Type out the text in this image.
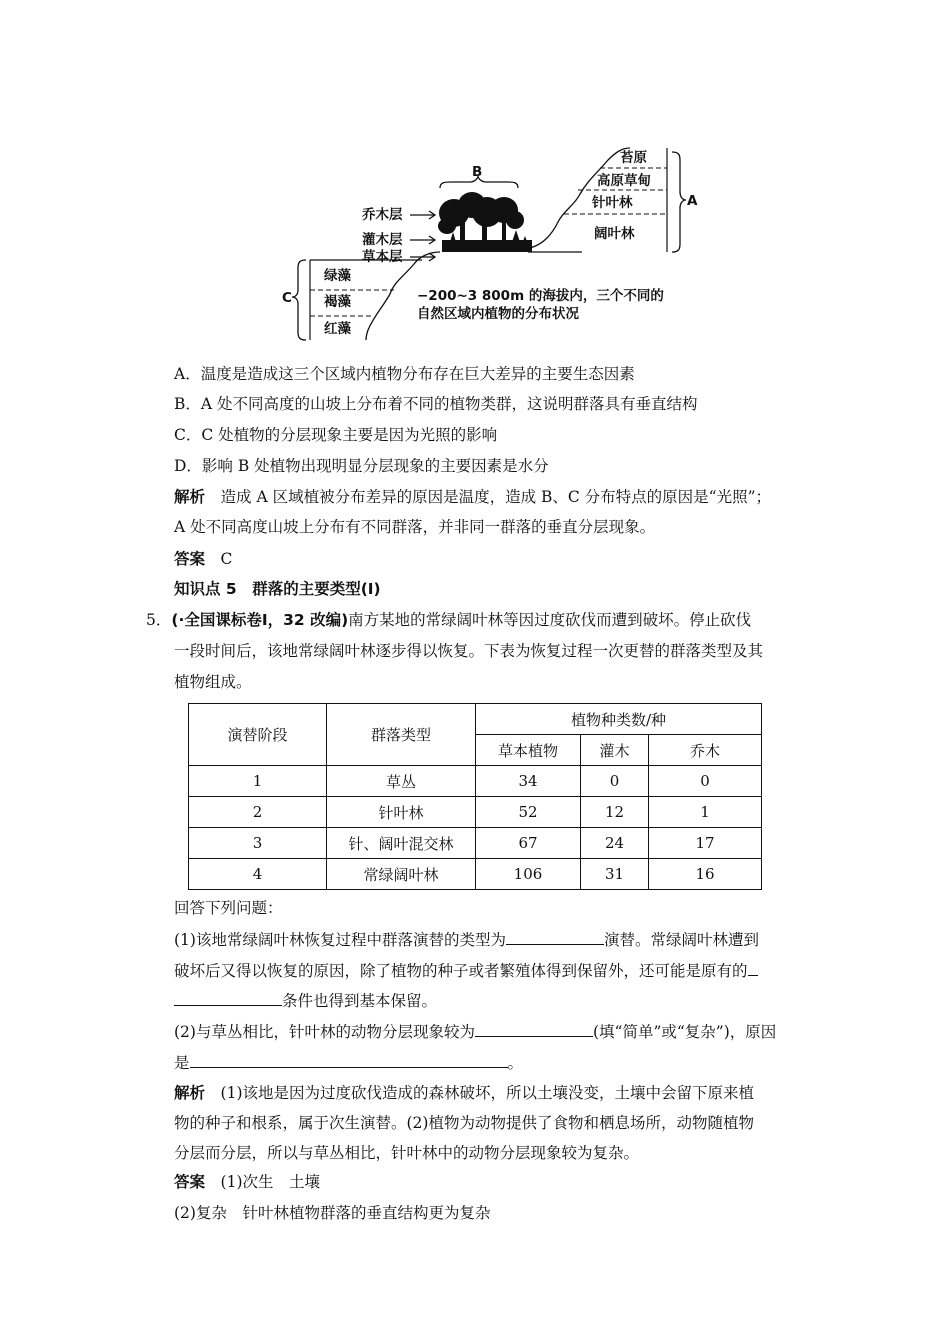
B
乔木层
灌木层
草本层
苔原
高原草甸
针叶林
阔叶林
A
绿藻
褐藻
红藻
C	−200~3 800m 的海拔内，三个不同的
自然区域内植物的分布状况
A．温度是造成这三个区域内植物分布存在巨大差异的主要生态因素
B．A 处不同高度的山坡上分布着不同的植物类群，这说明群落具有垂直结构
C．C 处植物的分层现象主要是因为光照的影响
D．影响 B 处植物出现明显分层现象的主要因素是水分
解析　 造成 A 区域植被分布差异的原因是温度，造成 B、C 分布特点的原因是“光照”；
A 处不同高度山坡上分布有不同群落，并非同一群落的垂直分层现象。
答案　 C
知识点 5　 群落的主要类型(Ⅰ)
5．(·全国课标卷Ⅰ，32 改编)南方某地的常绿阔叶林等因过度砍伐而遭到破坏。停止砍伐
一段时间后，该地常绿阔叶林逐步得以恢复。下表为恢复过程一次更替的群落类型及其
植物组成。
演替阶段	群落类型	植物种类数/种		
		草本植物	灌木	乔木
1	草丛	34	0	0
2	针叶林	52	12	1
3	针、阔叶混交林	67	24	17
4	常绿阔叶林	106	31	16
回答下列问题：
(1)该地常绿阔叶林恢复过程中群落演替的类型为	演替。常绿阔叶林遭到
破坏后又得以恢复的原因，除了植物的种子或者繁殖体得到保留外，还可能是原有的
条件也得到基本保留。
(2)与草丛相比，针叶林的动物分层现象较为	(填“简单”或“复杂”)，原因
是	。
解析　 (1)该地是因为过度砍伐造成的森林破坏，所以土壤没变，土壤中会留下原来植
物的种子和根系，属于次生演替。(2)植物为动物提供了食物和栖息场所，动物随植物
分层而分层，所以与草丛相比，针叶林中的动物分层现象较为复杂。
答案　 (1)次生　土壤
(2)复杂　针叶林植物群落的垂直结构更为复杂
